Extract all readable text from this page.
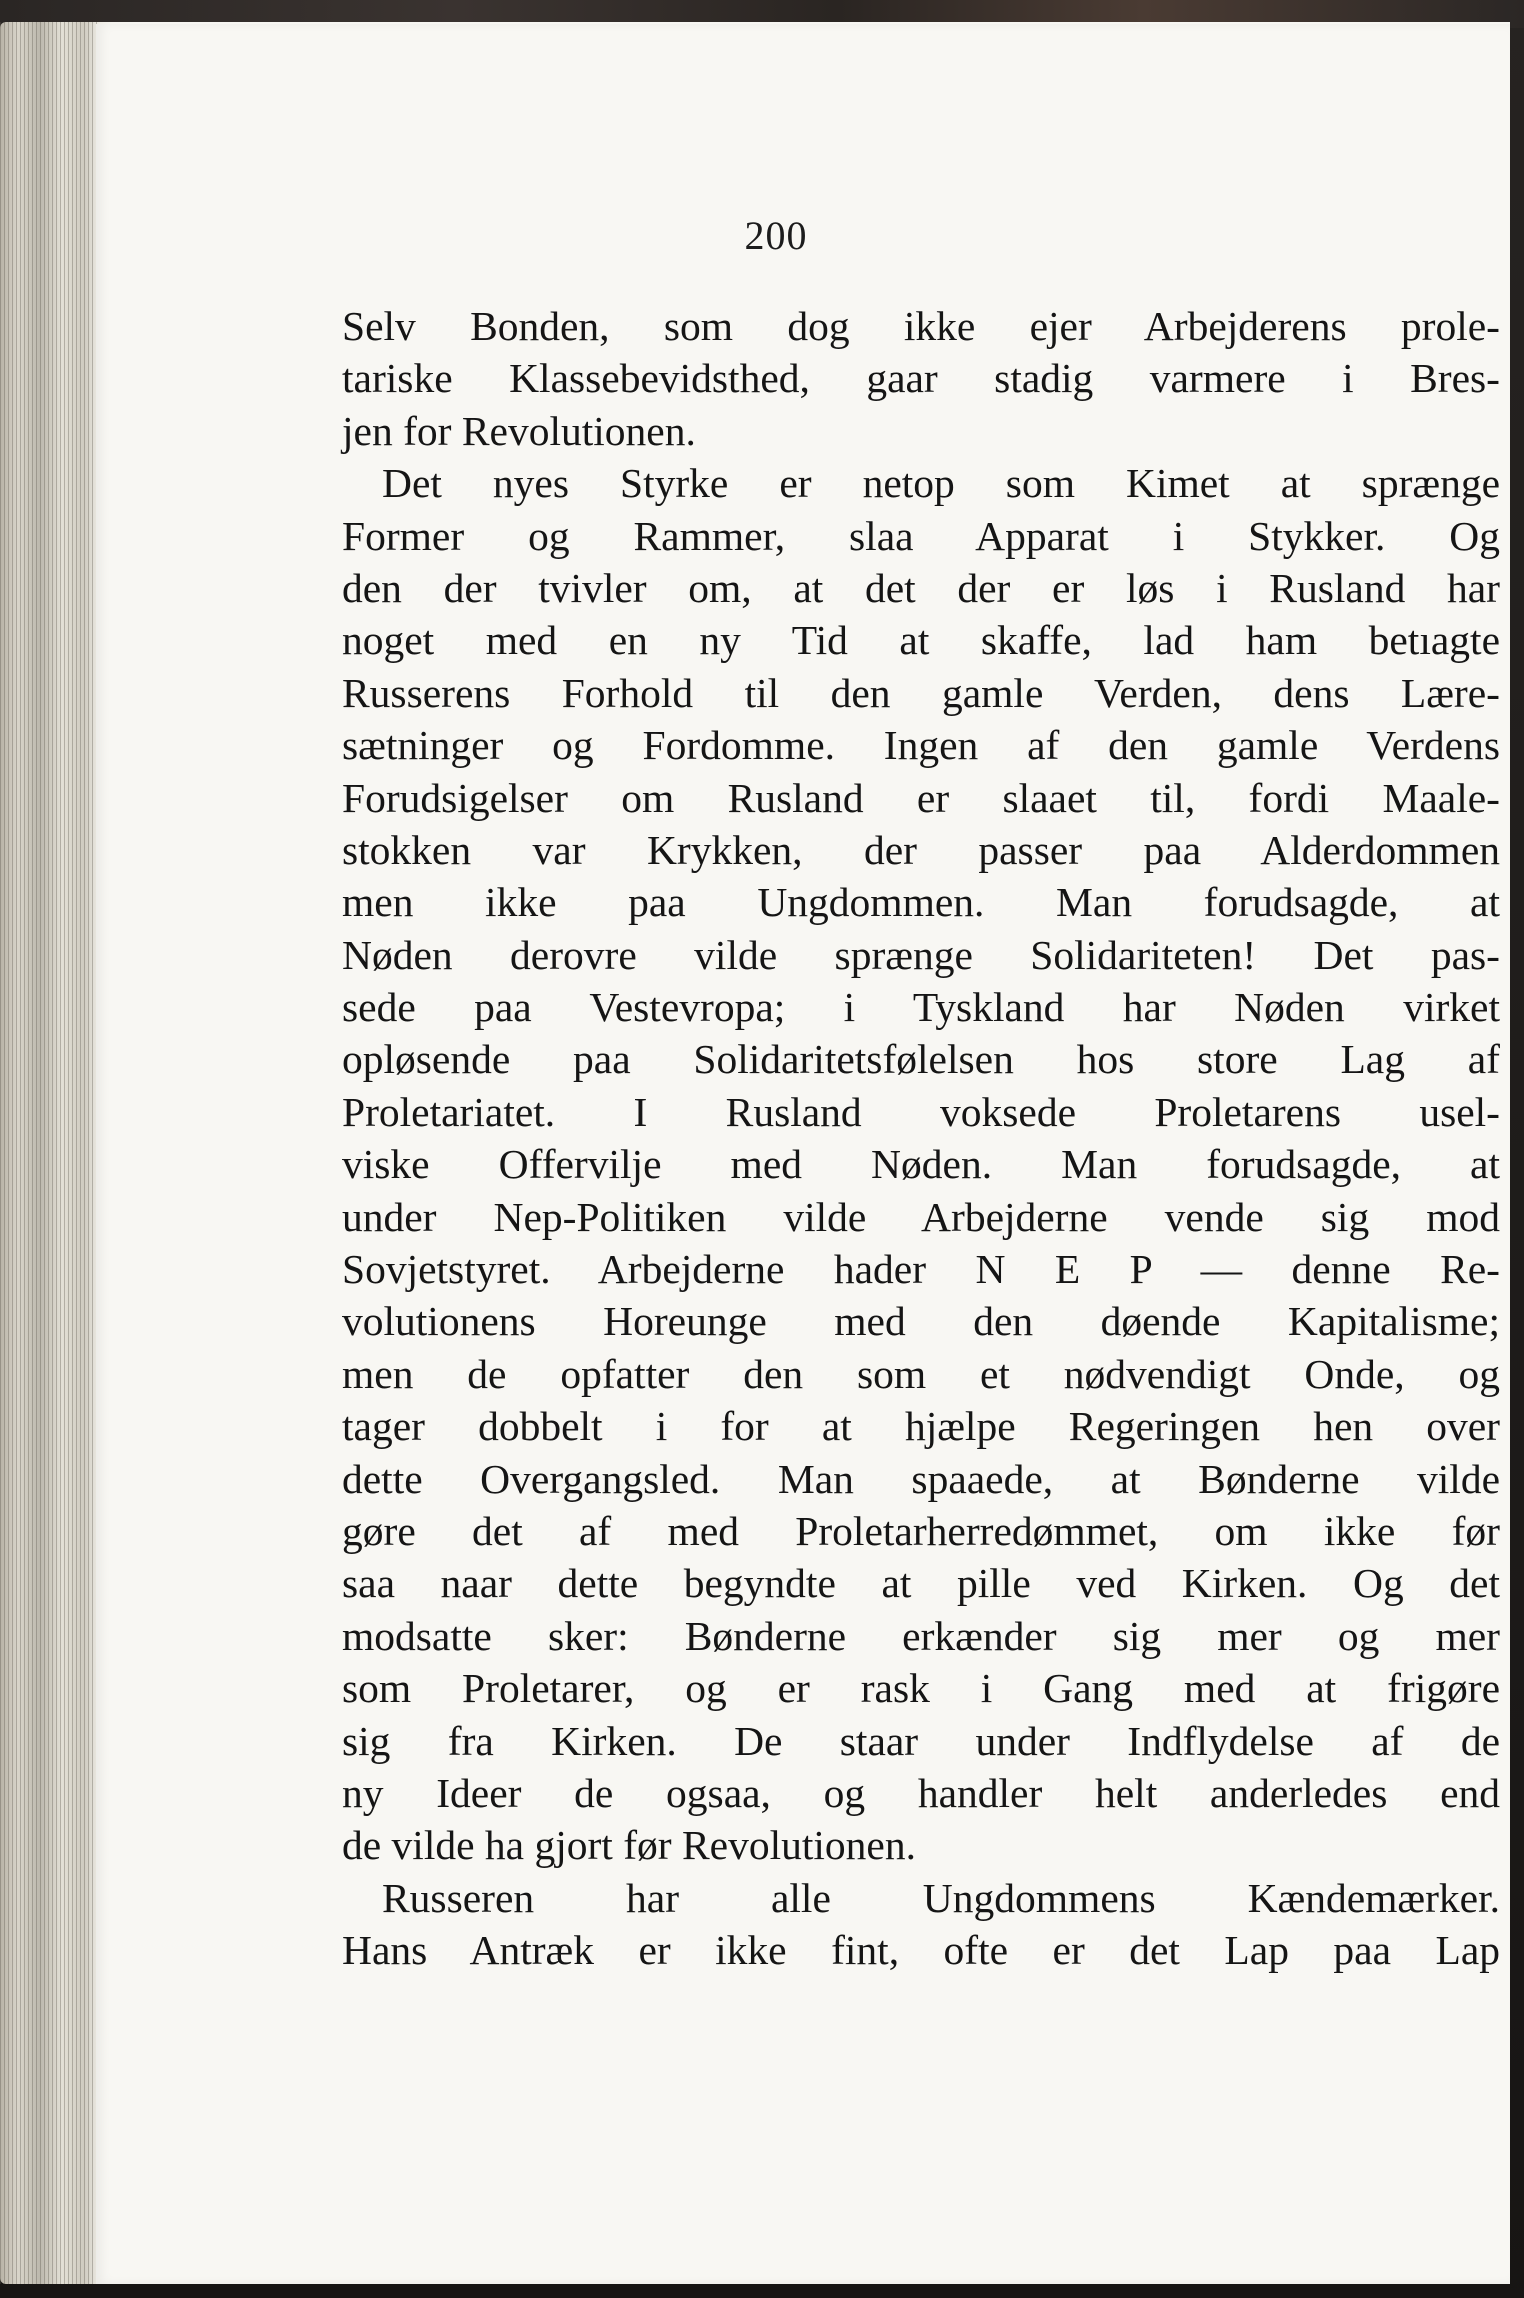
200
Selv Bonden, som dog ikke ejer Arbejderens prole-
tariske Klassebevidsthed, gaar stadig varmere i Bres-
jen for Revolutionen.
Det nyes Styrke er netop som Kimet at sprænge
Former og Rammer, slaa Apparat i Stykker. Og
den der tvivler om, at det der er løs i Rusland har
noget med en ny Tid at skaffe, lad ham betıagte
Russerens Forhold til den gamle Verden, dens Lære-
sætninger og Fordomme. Ingen af den gamle Verdens
Forudsigelser om Rusland er slaaet til, fordi Maale-
stokken var Krykken, der passer paa Alderdommen
men ikke paa Ungdommen. Man forudsagde, at
Nøden derovre vilde sprænge Solidariteten! Det pas-
sede paa Vestevropa; i Tyskland har Nøden virket
opløsende paa Solidaritetsfølelsen hos store Lag af
Proletariatet. I Rusland voksede Proletarens usel-
viske Offervilje med Nøden. Man forudsagde, at
under Nep-Politiken vilde Arbejderne vende sig mod
Sovjetstyret. Arbejderne hader N E P — denne Re-
volutionens Horeunge med den døende Kapitalisme;
men de opfatter den som et nødvendigt Onde, og
tager dobbelt i for at hjælpe Regeringen hen over
dette Overgangsled. Man spaaede, at Bønderne vilde
gøre det af med Proletarherredømmet, om ikke før
saa naar dette begyndte at pille ved Kirken. Og det
modsatte sker: Bønderne erkænder sig mer og mer
som Proletarer, og er rask i Gang med at frigøre
sig fra Kirken. De staar under Indflydelse af de
ny Ideer de ogsaa, og handler helt anderledes end
de vilde ha gjort før Revolutionen.
Russeren har alle Ungdommens Kændemærker.
Hans Antræk er ikke fint, ofte er det Lap paa Lap
